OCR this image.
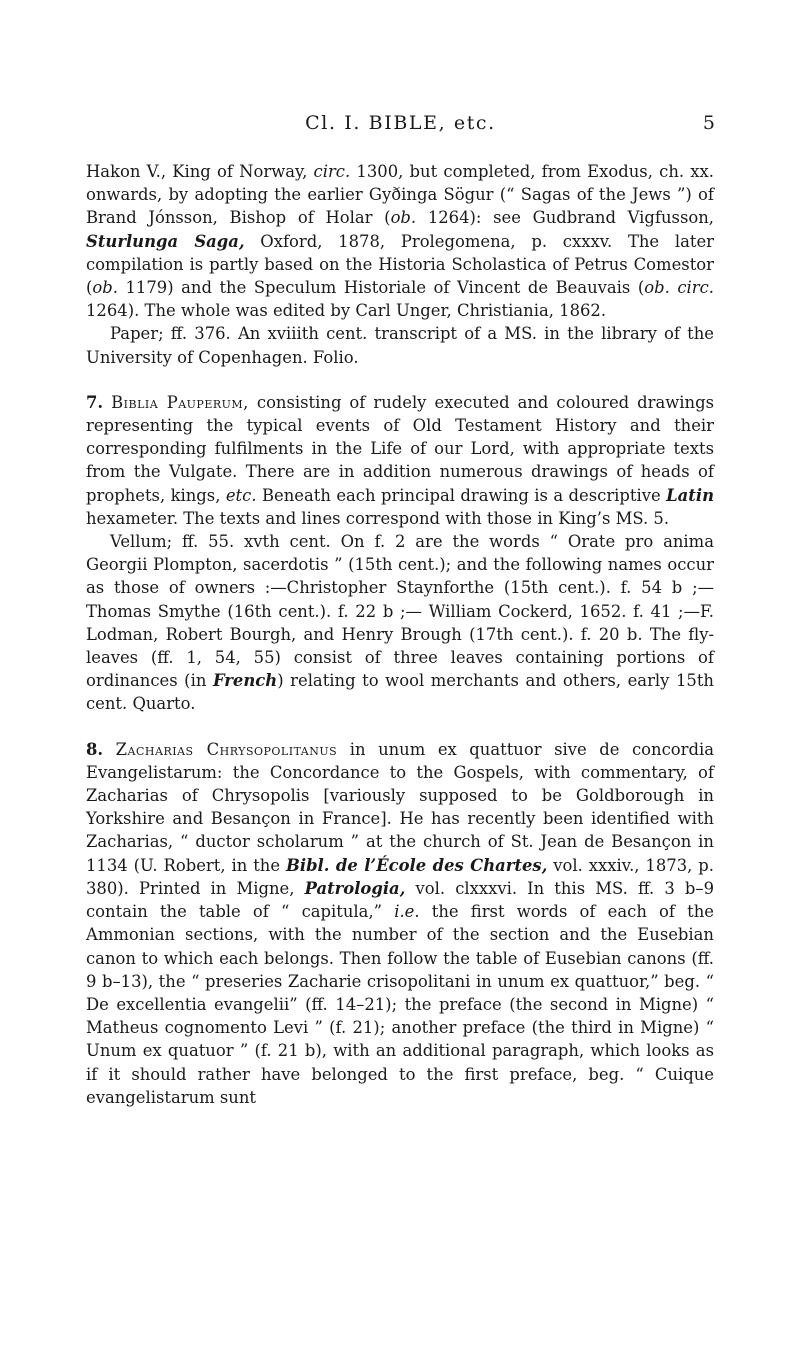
Cl. I. BIBLE, etc.	5

Hakon V., King of Norway, circ. 1300, but completed, from Exodus, ch. xx. onwards, by adopting the earlier Gyðinga Sögur (“ Sagas of the Jews ”) of Brand Jónsson, Bishop of Holar (ob. 1264): see Gudbrand Vigfusson, Sturlunga Saga, Oxford, 1878, Prolegomena, p. cxxxv. The later compilation is partly based on the Historia Scholastica of Petrus Comestor (ob. 1179) and the Speculum Historiale of Vincent de Beauvais (ob. circ. 1264). The whole was edited by Carl Unger, Christiania, 1862.

Paper; ff. 376. An xviiith cent. transcript of a MS. in the library of the University of Copenhagen. Folio.

7. Biblia Pauperum, consisting of rudely executed and coloured drawings representing the typical events of Old Testament History and their corresponding fulfilments in the Life of our Lord, with appropriate texts from the Vulgate. There are in addition numerous drawings of heads of prophets, kings, etc. Beneath each principal drawing is a descriptive Latin hexameter. The texts and lines correspond with those in King’s MS. 5.

Vellum; ff. 55. xvth cent. On f. 2 are the words “ Orate pro anima Georgii Plompton, sacerdotis ” (15th cent.); and the following names occur as those of owners :—Christopher Staynforthe (15th cent.). f. 54 b ;—Thomas Smythe (16th cent.). f. 22 b ;— William Cockerd, 1652. f. 41 ;—F. Lodman, Robert Bourgh, and Henry Brough (17th cent.). f. 20 b. The fly-leaves (ff. 1, 54, 55) consist of three leaves containing portions of ordinances (in French) relating to wool merchants and others, early 15th cent. Quarto.

8. Zacharias Chrysopolitanus in unum ex quattuor sive de concordia Evangelistarum: the Concordance to the Gospels, with commentary, of Zacharias of Chrysopolis [variously supposed to be Goldborough in Yorkshire and Besançon in France]. He has recently been identified with Zacharias, “ ductor scholarum ” at the church of St. Jean de Besançon in 1134 (U. Robert, in the Bibl. de l’École des Chartes, vol. xxxiv., 1873, p. 380). Printed in Migne, Patrologia, vol. clxxxvi. In this MS. ff. 3 b–9 contain the table of “ capitula,” i.e. the first words of each of the Ammonian sections, with the number of the section and the Eusebian canon to which each belongs. Then follow the table of Eusebian canons (ff. 9 b–13), the “ preseries Zacharie crisopolitani in unum ex quattuor,” beg. “ De excellentia evangelii” (ff. 14–21); the preface (the second in Migne) “ Matheus cognomento Levi ” (f. 21); another preface (the third in Migne) “ Unum ex quatuor ” (f. 21 b), with an additional paragraph, which looks as if it should rather have belonged to the first preface, beg. “ Cuique evangelistarum sunt
